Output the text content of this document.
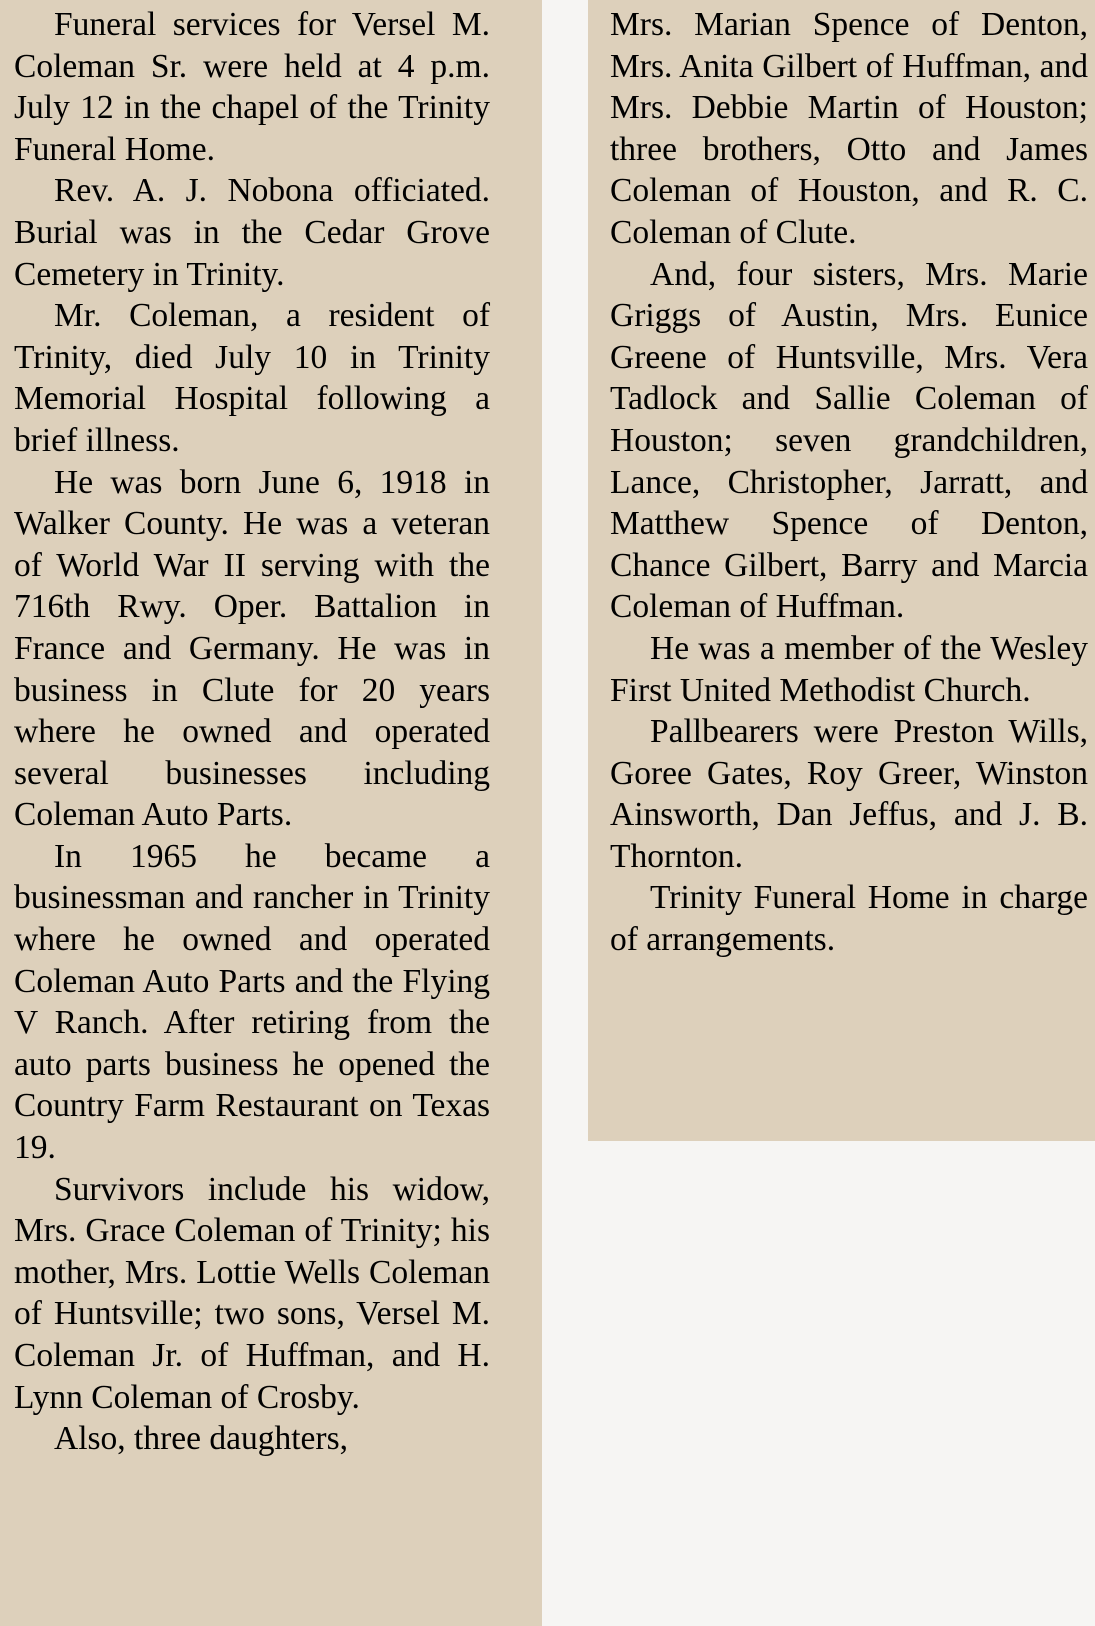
Funeral services for Versel M. Coleman Sr. were held at 4 p.m. July 12 in the chapel of the Trinity Funeral Home.

Rev. A. J. Nobona officiated. Burial was in the Cedar Grove Cemetery in Trinity.

Mr. Coleman, a resident of Trinity, died July 10 in Trinity Memorial Hospital following a brief illness.

He was born June 6, 1918 in Walker County. He was a veteran of World War II serving with the 716th Rwy. Oper. Battalion in France and Germany. He was in business in Clute for 20 years where he owned and operated several businesses including Coleman Auto Parts.

In 1965 he became a businessman and rancher in Trinity where he owned and operated Coleman Auto Parts and the Flying V Ranch. After retiring from the auto parts business he opened the Country Farm Restaurant on Texas 19.

Survivors include his widow, Mrs. Grace Coleman of Trinity; his mother, Mrs. Lottie Wells Coleman of Huntsville; two sons, Versel M. Coleman Jr. of Huffman, and H. Lynn Coleman of Crosby.

Also, three daughters,

Mrs. Marian Spence of Denton, Mrs. Anita Gilbert of Huffman, and Mrs. Debbie Martin of Houston; three brothers, Otto and James Coleman of Houston, and R. C. Coleman of Clute.

And, four sisters, Mrs. Marie Griggs of Austin, Mrs. Eunice Greene of Huntsville, Mrs. Vera Tadlock and Sallie Coleman of Houston; seven grandchildren, Lance, Christopher, Jarratt, and Matthew Spence of Denton, Chance Gilbert, Barry and Marcia Coleman of Huffman.

He was a member of the Wesley First United Methodist Church.

Pallbearers were Preston Wills, Goree Gates, Roy Greer, Winston Ainsworth, Dan Jeffus, and J. B. Thornton.

Trinity Funeral Home in charge of arrangements.
